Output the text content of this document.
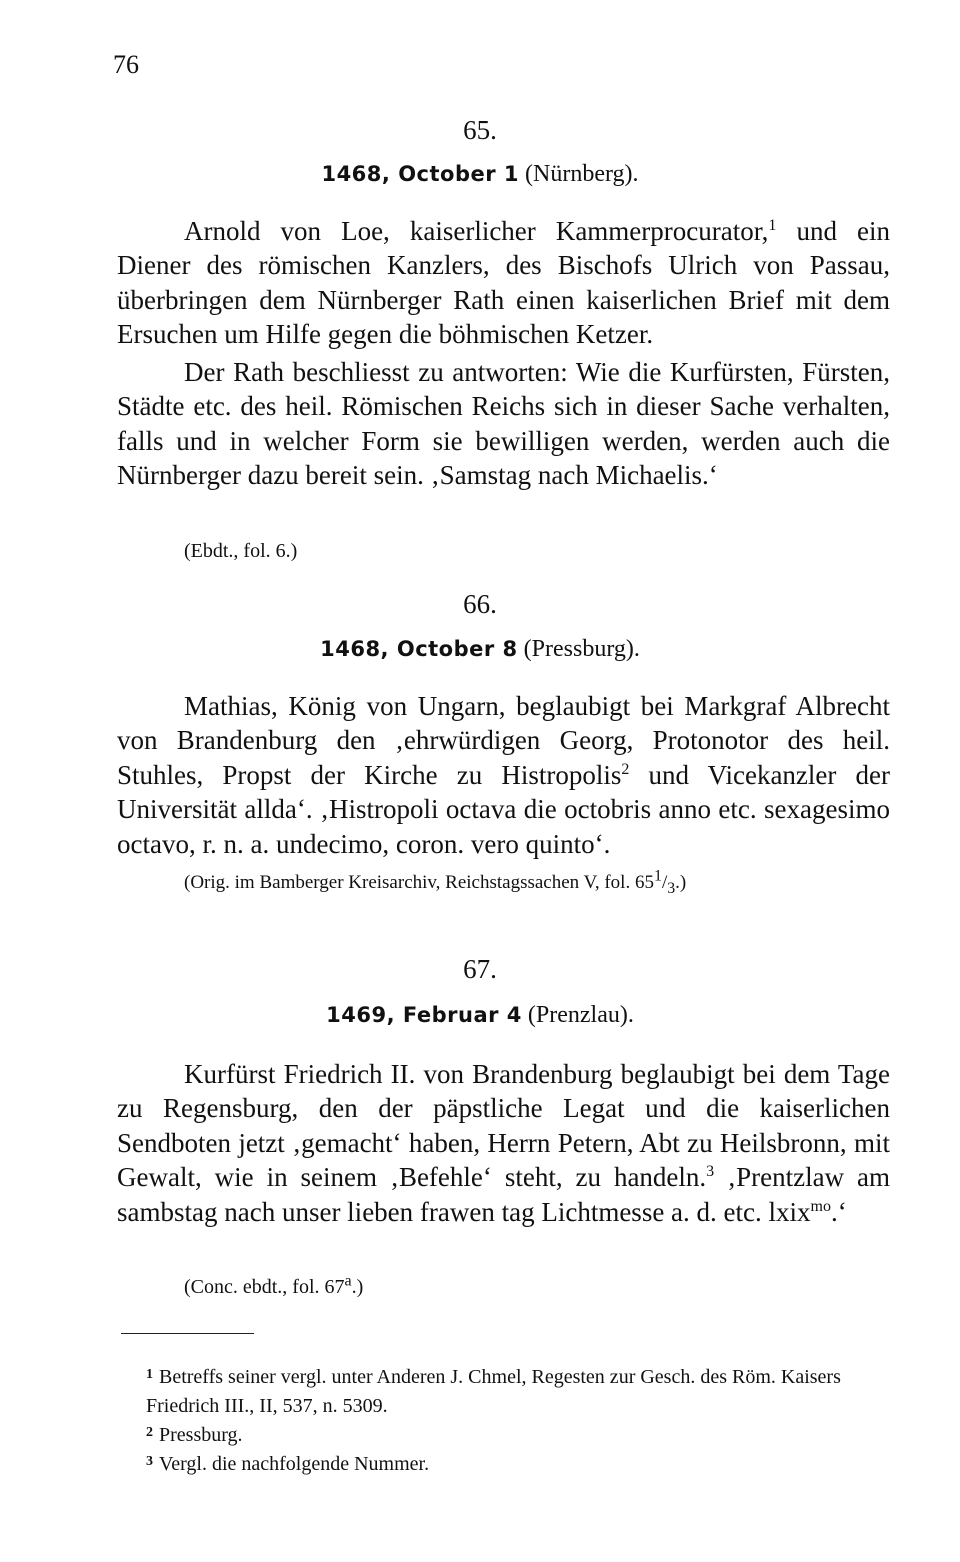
76
65.
1468, October 1 (Nürnberg).

Arnold von Loe, kaiserlicher Kammerprocurator,$^1$ und ein Diener des römischen Kanzlers, des Bischofs Ulrich von Passau, überbringen dem Nürnberger Rath einen kaiserlichen Brief mit dem Ersuchen um Hilfe gegen die böhmischen Ketzer.

Der Rath beschliesst zu antworten: Wie die Kurfürsten, Fürsten, Städte etc. des heil. Römischen Reichs sich in dieser Sache verhalten, falls und in welcher Form sie bewilligen werden, werden auch die Nürnberger dazu bereit sein. ‚Samstag nach Michaelis.‘

(Ebdt., fol. 6.)
66.
1468, October 8 (Pressburg).

Mathias, König von Ungarn, beglaubigt bei Markgraf Albrecht von Brandenburg den ‚ehrwürdigen Georg, Protonotor des heil. Stuhles, Propst der Kirche zu Histropolis$^2$ und Vicekanzler der Universität allda‘. ‚Histropoli octava die octobris anno etc. sexagesimo octavo, r. n. a. undecimo, coron. vero quinto‘.

(Orig. im Bamberger Kreisarchiv, Reichstagssachen V, fol. $65^1/_3$.)
67.
1469, Februar 4 (Prenzlau).

Kurfürst Friedrich II. von Brandenburg beglaubigt bei dem Tage zu Regensburg, den der päpstliche Legat und die kaiserlichen Sendboten jetzt ‚gemacht‘ haben, Herrn Petern, Abt zu Heilsbronn, mit Gewalt, wie in seinem ‚Befehle‘ steht, zu handeln.$^3$ ‚Prentzlaw am sambstag nach unser lieben frawen tag Lichtmesse a. d. etc. lxix$^{mo}$.‘

(Conc. ebdt., fol. 67$^a$.)

$^1$ Betreffs seiner vergl. unter Anderen J. Chmel, Regesten zur Gesch. des Röm. Kaisers Friedrich III., II, 537, n. 5309.

$^2$ Pressburg.

$^3$ Vergl. die nachfolgende Nummer.
